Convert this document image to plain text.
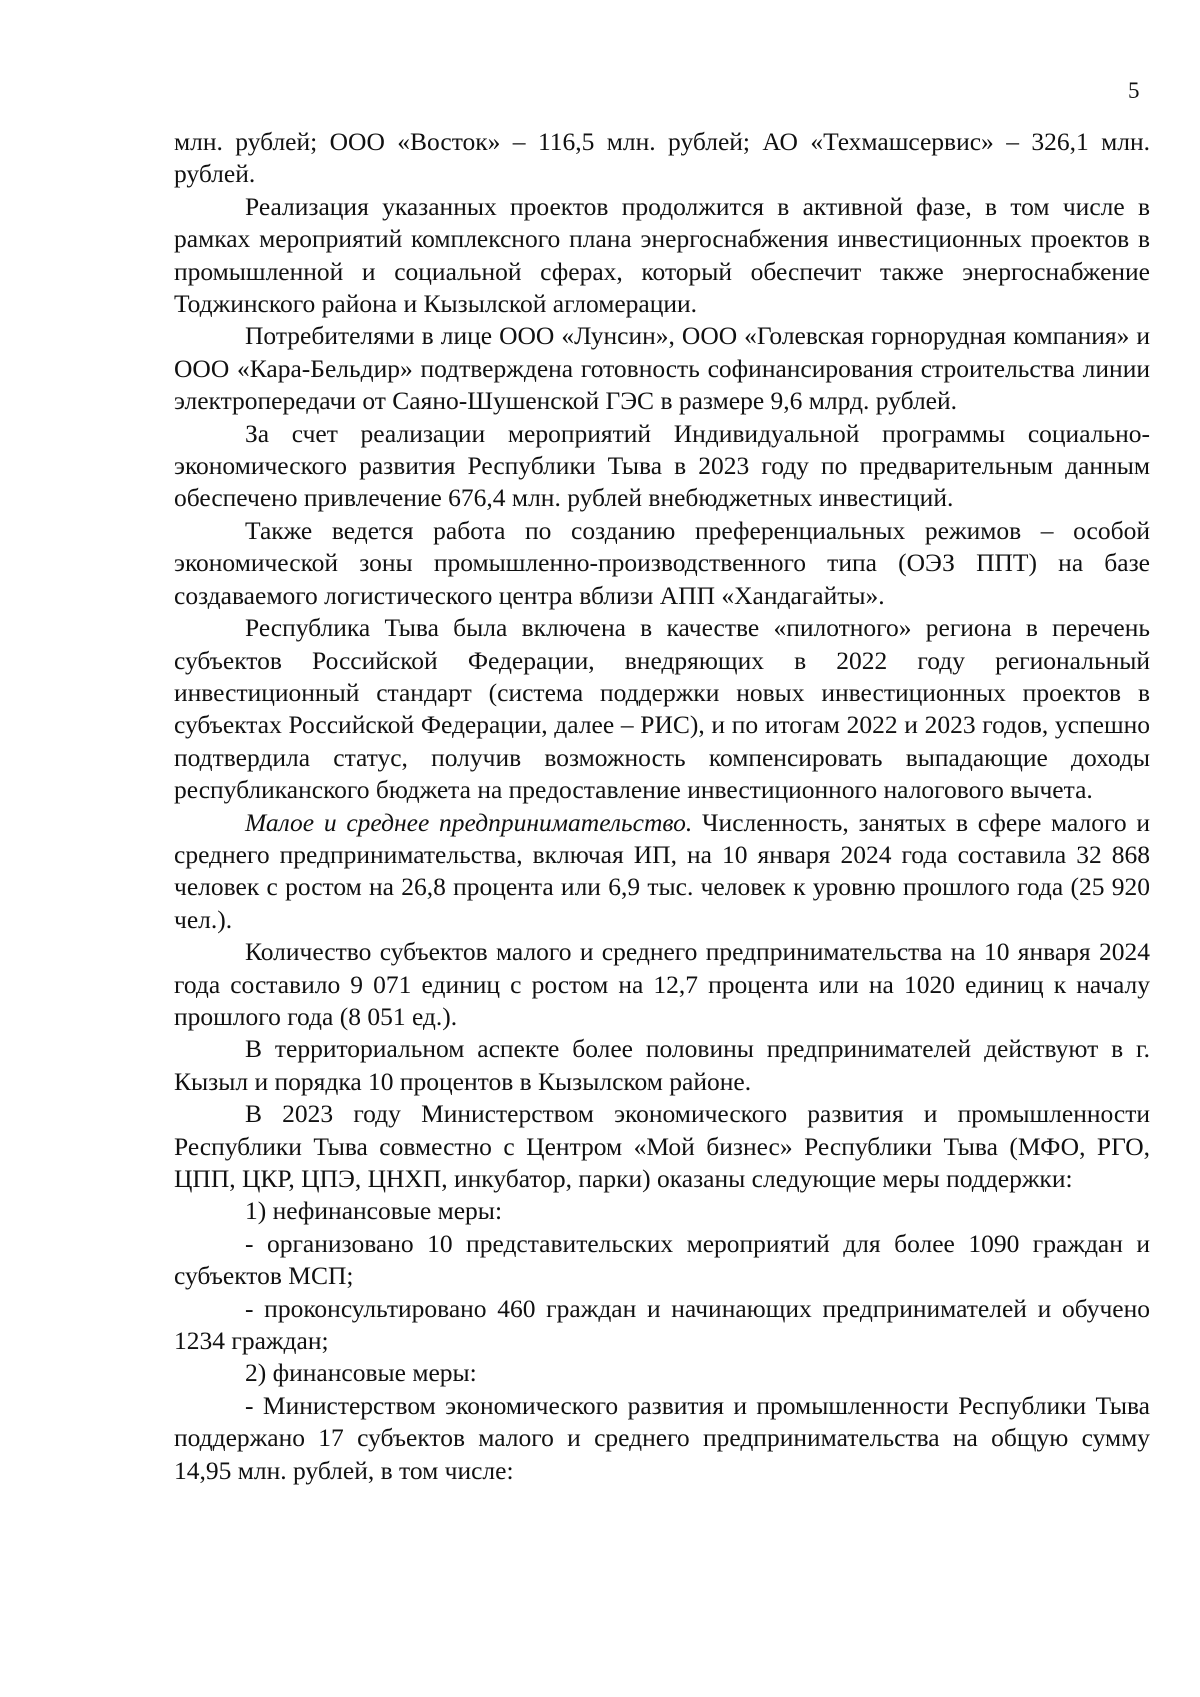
5

млн. рублей; ООО «Восток» – 116,5 млн. рублей; АО «Техмашсервис» – 326,1 млн. рублей.

Реализация указанных проектов продолжится в активной фазе, в том числе в рамках мероприятий комплексного плана энергоснабжения инвестиционных проектов в промышленной и социальной сферах, который обеспечит также энергоснабжение Тоджинского района и Кызылской агломерации.

Потребителями в лице ООО «Лунсин», ООО «Голевская горнорудная компания» и ООО «Кара-Бельдир» подтверждена готовность софинансирования строительства линии электропередачи от Саяно-Шушенской ГЭС в размере 9,6 млрд. рублей.

За счет реализации мероприятий Индивидуальной программы социально-экономического развития Республики Тыва в 2023 году по предварительным данным обеспечено привлечение 676,4 млн. рублей внебюджетных инвестиций.

Также ведется работа по созданию преференциальных режимов – особой экономической зоны промышленно-производственного типа (ОЭЗ ППТ) на базе создаваемого логистического центра вблизи АПП «Хандагайты».

Республика Тыва была включена в качестве «пилотного» региона в перечень субъектов Российской Федерации, внедряющих в 2022 году региональный инвестиционный стандарт (система поддержки новых инвестиционных проектов в субъектах Российской Федерации, далее – РИС), и по итогам 2022 и 2023 годов, успешно подтвердила статус, получив возможность компенсировать выпадающие доходы республиканского бюджета на предоставление инвестиционного налогового вычета.

Малое и среднее предпринимательство. Численность, занятых в сфере малого и среднего предпринимательства, включая ИП, на 10 января 2024 года составила 32 868 человек с ростом на 26,8 процента или 6,9 тыс. человек к уровню прошлого года (25 920 чел.).

Количество субъектов малого и среднего предпринимательства на 10 января 2024 года составило 9 071 единиц с ростом на 12,7 процента или на 1020 единиц к началу прошлого года (8 051 ед.).

В территориальном аспекте более половины предпринимателей действуют в г. Кызыл и порядка 10 процентов в Кызылском районе.

В 2023 году Министерством экономического развития и промышленности Республики Тыва совместно с Центром «Мой бизнес» Республики Тыва (МФО, РГО, ЦПП, ЦКР, ЦПЭ, ЦНХП, инкубатор, парки) оказаны следующие меры поддержки:

1) нефинансовые меры:

- организовано 10 представительских мероприятий для более 1090 граждан и субъектов МСП;

- проконсультировано 460 граждан и начинающих предпринимателей и обучено 1234 граждан;

2) финансовые меры:

- Министерством экономического развития и промышленности Республики Тыва поддержано 17 субъектов малого и среднего предпринимательства на общую сумму 14,95 млн. рублей, в том числе:
